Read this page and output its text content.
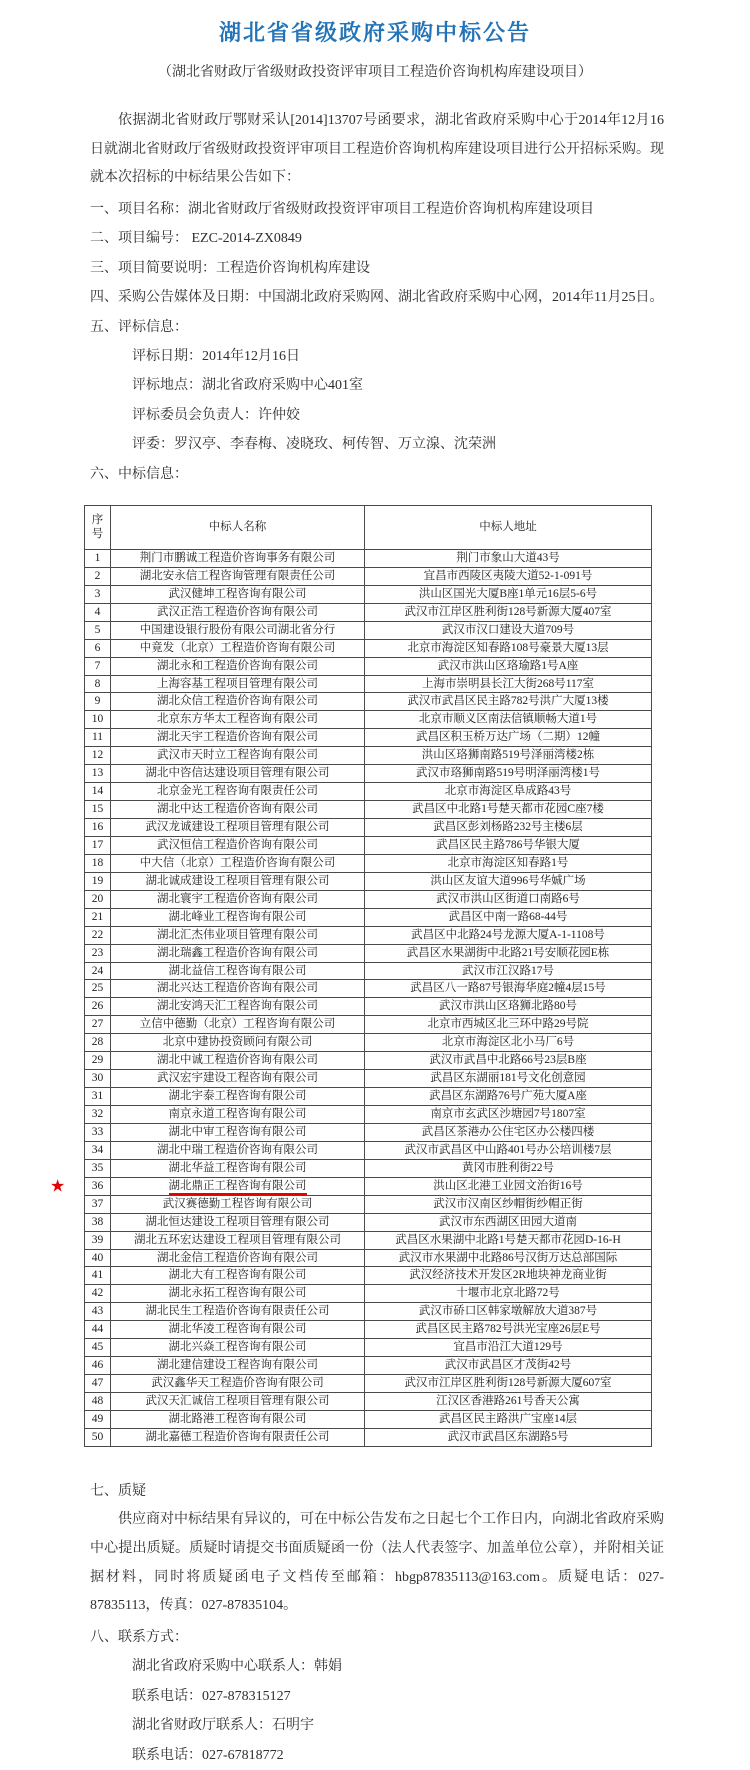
湖北省省级政府采购中标公告
（湖北省财政厅省级财政投资评审项目工程造价咨询机构库建设项目）

依据湖北省财政厅鄂财采认[2014]13707号函要求，湖北省政府采购中心于2014年12月16日就湖北省财政厅省级财政投资评审项目工程造价咨询机构库建设项目进行公开招标采购。现就本次招标的中标结果公告如下：

一、项目名称：湖北省财政厅省级财政投资评审项目工程造价咨询机构库建设项目
二、项目编号： EZC-2014-ZX0849
三、项目简要说明：工程造价咨询机构库建设
四、采购公告媒体及日期：中国湖北政府采购网、湖北省政府采购中心网，2014年11月25日。
五、评标信息：
评标日期：2014年12月16日
评标地点：湖北省政府采购中心401室
评标委员会负责人：许仲姣
评委：罗汉亭、李春梅、凌晓玫、柯传智、万立湶、沈荣洲
六、中标信息：
★
序号	中标人名称	中标人地址
1	荆门市鹏诚工程造价咨询事务有限公司	荆门市象山大道43号
2	湖北安永信工程咨询管理有限责任公司	宜昌市西陵区夷陵大道52-1-091号
3	武汉健坤工程咨询有限公司	洪山区国光大厦B座1单元16层5-6号
4	武汉正浩工程造价咨询有限公司	武汉市江岸区胜利街128号新源大厦407室
5	中国建设银行股份有限公司湖北省分行	武汉市汉口建设大道709号
6	中竟发（北京）工程造价咨询有限公司	北京市海淀区知春路108号豪景大厦13层
7	湖北永和工程造价咨询有限公司	武汉市洪山区珞瑜路1号A座
8	上海容基工程项目管理有限公司	上海市崇明县长江大街268号117室
9	湖北众信工程造价咨询有限公司	武汉市武昌区民主路782号洪广大厦13楼
10	北京东方华太工程咨询有限公司	北京市顺义区南法信镇顺畅大道1号
11	湖北天宇工程造价咨询有限公司	武昌区积玉桥万达广场（二期）12幢
12	武汉市天时立工程咨询有限公司	洪山区珞狮南路519号泽丽湾楼2栋
13	湖北中咨信达建设项目管理有限公司	武汉市珞狮南路519号明泽丽湾楼1号
14	北京金光工程咨询有限责任公司	北京市海淀区阜成路43号
15	湖北中达工程造价咨询有限公司	武昌区中北路1号楚天都市花园C座7楼
16	武汉龙诚建设工程项目管理有限公司	武昌区彭刘杨路232号主楼6层
17	武汉恒信工程造价咨询有限公司	武昌区民主路786号华银大厦
18	中大信（北京）工程造价咨询有限公司	北京市海淀区知春路1号
19	湖北诚成建设工程项目管理有限公司	洪山区友谊大道996号华娍广场
20	湖北寰宇工程造价咨询有限公司	武汉市洪山区街道口南路6号
21	湖北峰业工程咨询有限公司	武昌区中南一路68-44号
22	湖北汇杰伟业项目管理有限公司	武昌区中北路24号龙源大厦A-1-1108号
23	湖北瑞鑫工程造价咨询有限公司	武昌区水果湖街中北路21号安顺花园E栋
24	湖北益信工程咨询有限公司	武汉市江汉路17号
25	湖北兴达工程造价咨询有限公司	武昌区八一路87号银海华庭2幢4层15号
26	湖北安鸿天汇工程咨询有限公司	武汉市洪山区珞狮北路80号
27	立信中德勤（北京）工程咨询有限公司	北京市西城区北三环中路29号院
28	北京中建协投资顾问有限公司	北京市海淀区北小马厂6号
29	湖北中诚工程造价咨询有限公司	武汉市武昌中北路66号23层B座
30	武汉宏宇建设工程咨询有限公司	武昌区东湖丽181号文化创意园
31	湖北宇泰工程咨询有限公司	武昌区东湖路76号广苑大厦A座
32	南京永道工程咨询有限公司	南京市玄武区沙塘园7号1807室
33	湖北中审工程咨询有限公司	武昌区茶港办公住宅区办公楼四楼
34	湖北中瑞工程造价咨询有限公司	武汉市武昌区中山路401号办公培训楼7层
35	湖北华益工程咨询有限公司	黄冈市胜利街22号
36	湖北鼎正工程咨询有限公司	洪山区北港工业园文治街16号
37	武汉赛德勤工程咨询有限公司	武汉市汉南区纱帽街纱帽正街
38	湖北恒达建设工程项目管理有限公司	武汉市东西湖区田园大道南
39	湖北五环宏达建设工程项目管理有限公司	武昌区水果湖中北路1号楚天都市花园D-16-H
40	湖北金信工程造价咨询有限公司	武汉市水果湖中北路86号汉街万达总部国际
41	湖北大有工程咨询有限公司	武汉经济技术开发区2R地块神龙商业街
42	湖北永拓工程咨询有限公司	十堰市北京北路72号
43	湖北民生工程造价咨询有限责任公司	武汉市硚口区韩家墩解放大道387号
44	湖北华凌工程咨询有限公司	武昌区民主路782号洪光宝座26层E号
45	湖北兴焱工程咨询有限公司	宜昌市沿江大道129号
46	湖北建信建设工程咨询有限公司	武汉市武昌区才茂街42号
47	武汉鑫华天工程造价咨询有限公司	武汉市江岸区胜利街128号新源大厦607室
48	武汉天汇诚信工程项目管理有限公司	江汉区香港路261号香天公寓
49	湖北路港工程咨询有限公司	武昌区民主路洪广宝座14层
50	湖北嘉德工程造价咨询有限责任公司	武汉市武昌区东湖路5号
七、质疑

供应商对中标结果有异议的，可在中标公告发布之日起七个工作日内，向湖北省政府采购中心提出质疑。质疑时请提交书面质疑函一份（法人代表签字、加盖单位公章），并附相关证据材料，同时将质疑函电子文档传至邮箱：hbgp87835113@163.com。质疑电话：027-87835113，传真：027-87835104。

八、联系方式：
湖北省政府采购中心联系人：韩娟
联系电话：027-878315127
湖北省财政厅联系人：石明宇
联系电话：027-67818772
